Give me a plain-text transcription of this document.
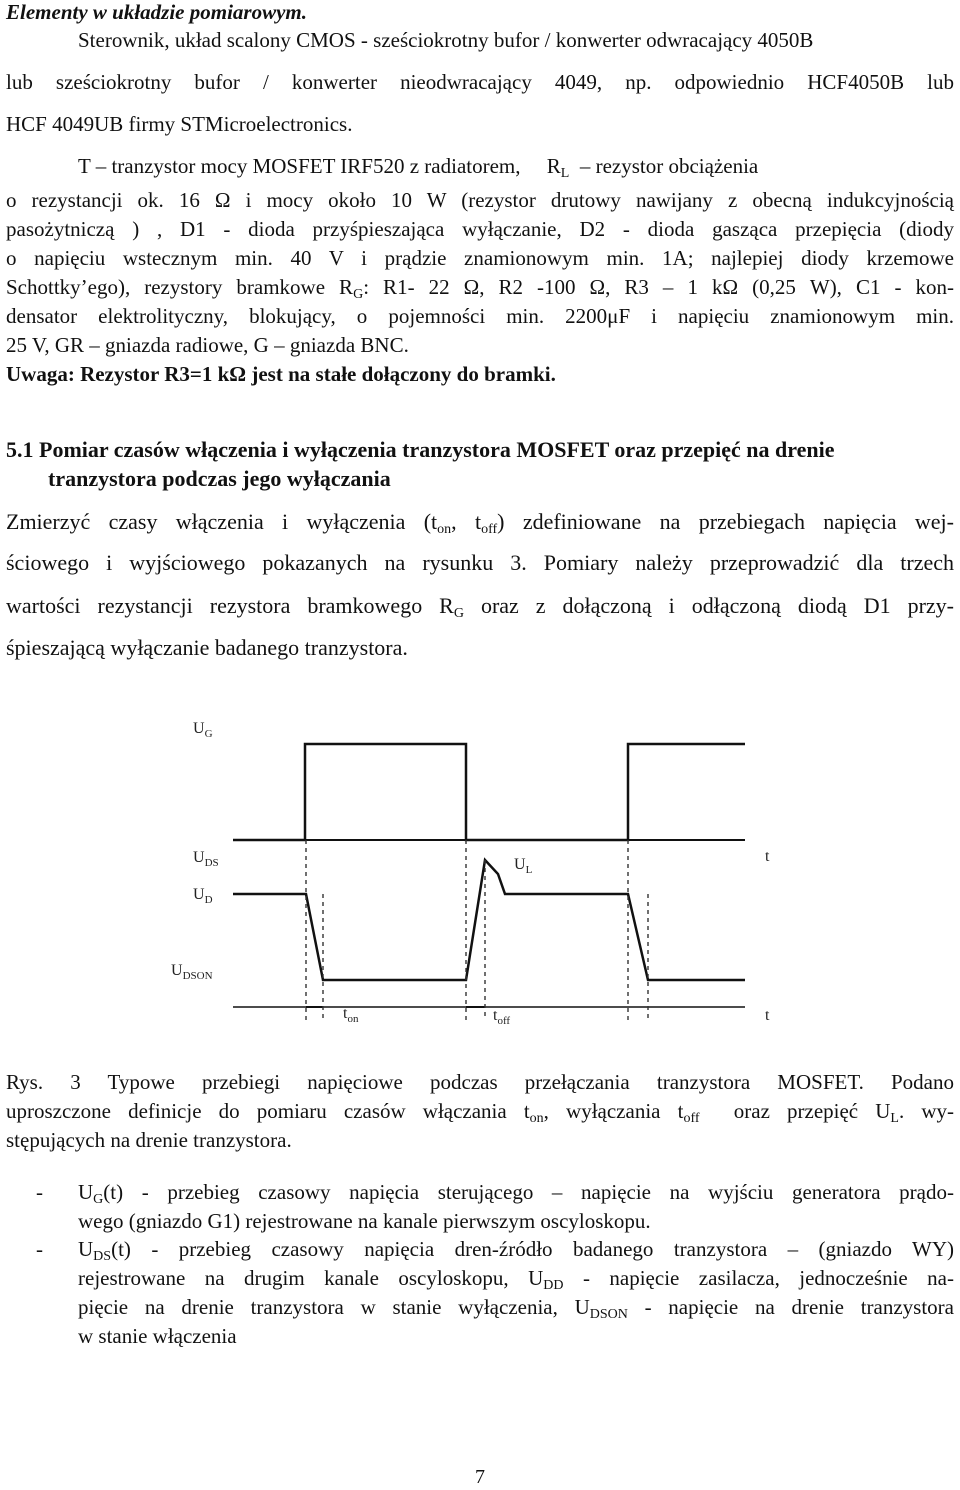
Elementy w układzie pomiarowym.
Sterownik, układ scalony CMOS - sześciokrotny bufor / konwerter odwracający 4050B
lub sześciokrotny bufor / konwerter nieodwracający 4049, np. odpowiednio HCF4050B lub
HCF 4049UB firmy STMicroelectronics.
T – tranzystor mocy MOSFET IRF520 z radiatorem, $R_L$ – rezystor obciążenia
o rezystancji ok. 16 Ω i mocy około 10 W (rezystor drutowy nawijany z obecną indukcyjnością
pasożytniczą ) , D1 - dioda przyśpieszająca wyłączanie, D2 - dioda gasząca przepięcia (diody
o napięciu wstecznym min. 40 V i prądzie znamionowym min. 1A; najlepiej diody krzemowe
Schottky’ego), rezystory bramkowe $R_G$: R1- 22 Ω, R2 -100 Ω, R3 – 1 kΩ (0,25 W), C1 - kon-
densator elektrolityczny, blokujący, o pojemności min. 2200μF i napięciu znamionowym min.
25 V, GR – gniazda radiowe, G – gniazda BNC.
Uwaga: Rezystor R3=1 kΩ jest na stałe dołączony do bramki.
5.1 Pomiar czasów włączenia i wyłączenia tranzystora MOSFET oraz przepięć na drenie
tranzystora podczas jego wyłączania
Zmierzyć czasy włączenia i wyłączenia ($t_{on}$, $t_{off}$) zdefiniowane na przebiegach napięcia wej-
ściowego i wyjściowego pokazanych na rysunku 3. Pomiary należy przeprowadzić dla trzech
wartości rezystancji rezystora bramkowego $R_G$ oraz z dołączoną i odłączoną diodą D1 przy-
śpieszającą wyłączanie badanego tranzystora.
$U_G$
$U_{DS}$
$U_D$
$U_{DSON}$
$U_L$
t
t
$t_{on}$	$t_{off}$
Rys. 3 Typowe przebiegi napięciowe podczas przełączania tranzystora MOSFET. Podano
uproszczone definicje do pomiaru czasów włączania $t_{on}$, wyłączania $t_{off}$ oraz przepięć $U_L$. wy-
stępujących na drenie tranzystora.
- $U_G(t)$ - przebieg czasowy napięcia sterującego – napięcie na wyjściu generatora prądo-
wego (gniazdo G1) rejestrowane na kanale pierwszym oscyloskopu.
- $U_{DS}(t)$ - przebieg czasowy napięcia dren-źródło badanego tranzystora – (gniazdo WY)
rejestrowane na drugim kanale oscyloskopu, $U_{DD}$ - napięcie zasilacza, jednocześnie na-
pięcie na drenie tranzystora w stanie wyłączenia, $U_{DSON}$ - napięcie na drenie tranzystora
w stanie włączenia
7
